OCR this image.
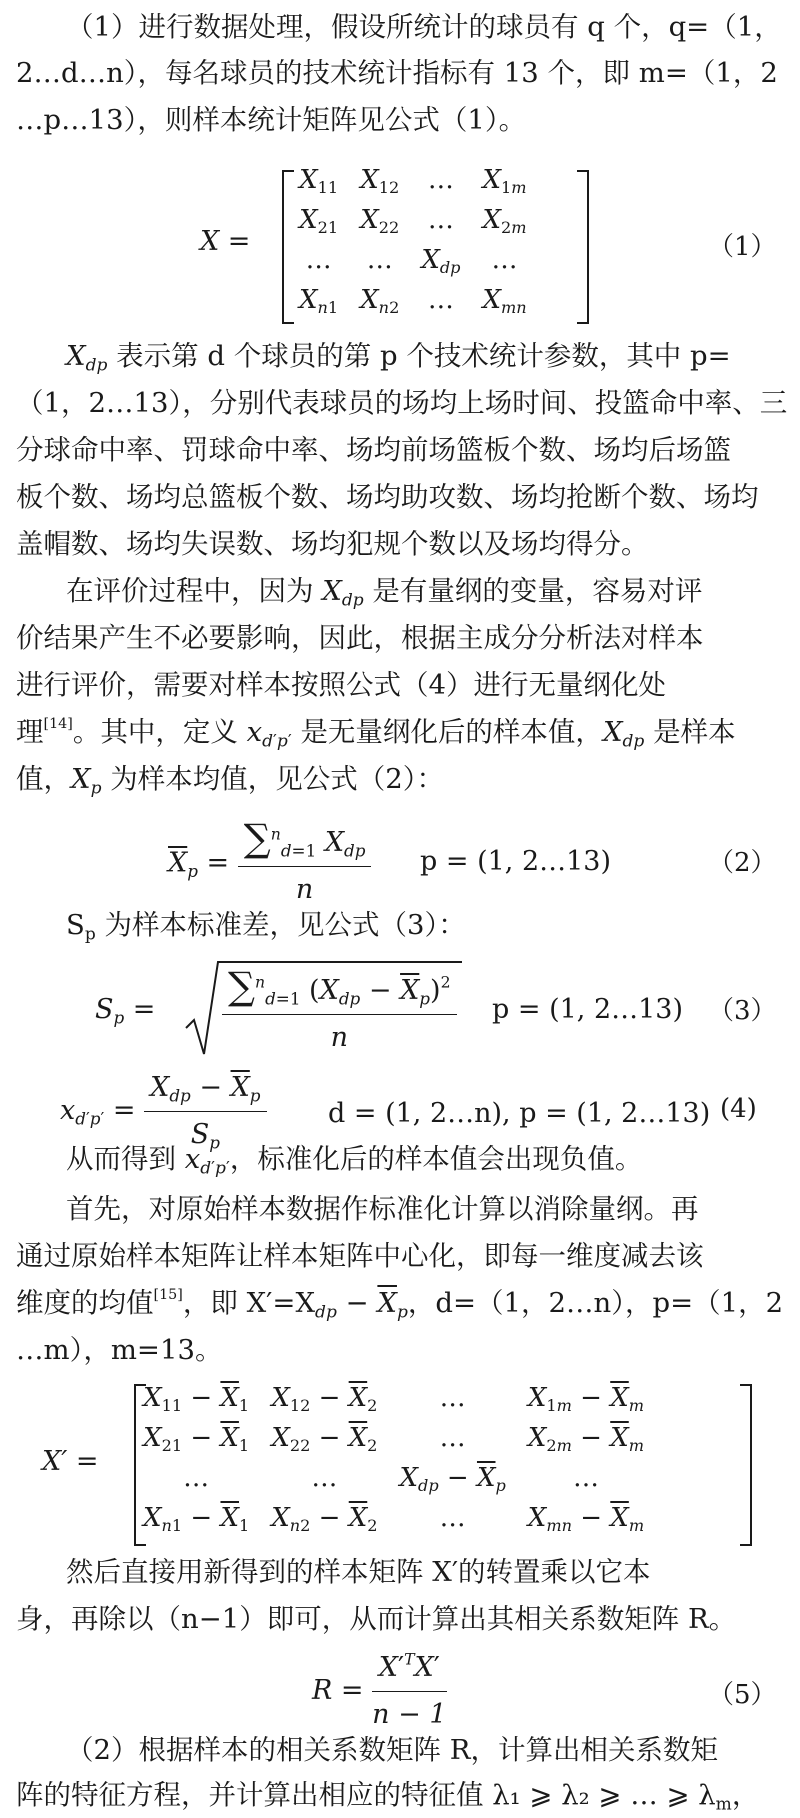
（1）进行数据处理，假设所统计的球员有 q 个，q=（1，
2…d…n），每名球员的技术统计指标有 13 个，即 m=（1，2
…p…13），则样本统计矩阵见公式（1）。
X =
$X_{11}$	$X_{12}$	…	$X_{1m}$
$X_{21}$	$X_{22}$	…	$X_{2m}$
…	…	$X_{dp}$	…
$X_{n1}$	$X_{n2}$	…	$X_{mn}$
（1）
$X_{dp}$ 表示第 d 个球员的第 p 个技术统计参数，其中 p=
（1，2…13），分别代表球员的场均上场时间、投篮命中率、三
分球命中率、罚球命中率、场均前场篮板个数、场均后场篮
板个数、场均总篮板个数、场均助攻数、场均抢断个数、场均
盖帽数、场均失误数、场均犯规个数以及场均得分。
在评价过程中，因为 $X_{dp}$ 是有量纲的变量，容易对评
价结果产生不必要影响，因此，根据主成分分析法对样本
进行评价，需要对样本按照公式（4）进行无量纲化处
理[14]。其中，定义 $x_{d'p'}$ 是无量纲化后的样本值，$X_{dp}$ 是样本
值，$X_p$ 为样本均值，见公式（2）：
$\overline{X}_p = \frac{\sum^n_{d=1} X_{dp}}{n}$ p = (1, 2…13)	（2）
$S_p$ 为样本标准差，见公式（3）：
$S_p = \frac{\sum^n_{d=1} (X_{dp} - \overline{X}_p)^2}{n}$ p = (1, 2…13) （3）
$x_{d'p'} = \frac{X_{dp} - \overline{X}_p}{S_p}$ d = (1, 2…n), p = (1, 2…13) (4)
从而得到 $x_{d'p'}$，标准化后的样本值会出现负值。
首先，对原始样本数据作标准化计算以消除量纲。再
通过原始样本矩阵让样本矩阵中心化，即每一维度减去该
维度的均值[15]，即 $X'=X_{dp} - \overline{X}_p$，d=（1，2…n），p=（1，2
…m），m=13。
X′ =
$X_{11} - \overline{X}_1$	$X_{12} - \overline{X}_2$	…	$X_{1m} - \overline{X}_m$
$X_{21} - \overline{X}_1$	$X_{22} - \overline{X}_2$	…	$X_{2m} - \overline{X}_m$
…	…	$X_{dp} - \overline{X}_p$	…
$X_{n1} - \overline{X}_1$	$X_{n2} - \overline{X}_2$	…	$X_{mn} - \overline{X}_m$
然后直接用新得到的样本矩阵 X′的转置乘以它本
身，再除以（n−1）即可，从而计算出其相关系数矩阵 R。
$R = \frac{X'^TX'}{n - 1}$	（5）
（2）根据样本的相关系数矩阵 R，计算出相关系数矩
阵的特征方程，并计算出相应的特征值 λ₁ ⩾ λ₂ ⩾ … ⩾ $\lambda_m$，
